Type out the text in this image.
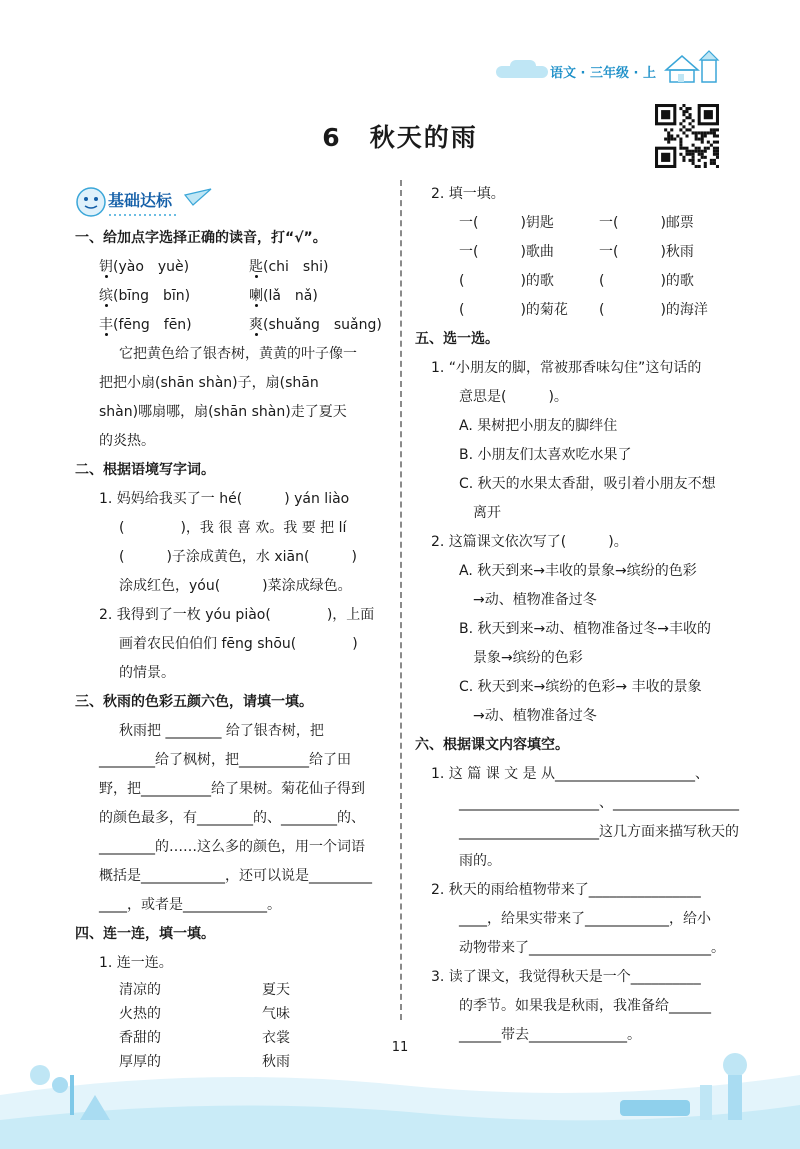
语文 · 三年级 · 上
6 秋天的雨
基础达标
一、给加点字选择正确的读音，打“√”。
钥(yào　yuè)	匙(chi　shi)
缤(bīng　bīn)	喇(lǎ　nǎ)
丰(fēng　fēn)	爽(shuǎng　suǎng)
它把黄色给了银杏树，黄黄的叶子像一
把把小扇(shān shàn)子，扇(shān
shàn)哪扇哪，扇(shān shàn)走了夏天
的炎热。
二、根据语境写字词。
1. 妈妈给我买了一 hé(　　　) yán liào
(　　　　)，我 很 喜 欢。我 要 把 lí
(　　　)子涂成黄色，水 xiān(　　　)
涂成红色，yóu(　　　)菜涂成绿色。
2. 我得到了一枚 yóu piào(　　　　)，上面
画着农民伯伯们 fēng shōu(　　　　)
的情景。
三、秋雨的色彩五颜六色，请填一填。
秋雨把 ________ 给了银杏树，把
________给了枫树，把__________给了田
野，把__________给了果树。菊花仙子得到
的颜色最多，有________的、________的、
________的……这么多的颜色，用一个词语
概括是____________，还可以说是_________
____，或者是____________。
四、连一连，填一填。
1. 连一连。
清凉的	夏天
火热的	气味
香甜的	衣裳
厚厚的	秋雨
2. 填一填。
一(　　　)钥匙	一(　　　)邮票
一(　　　)歌曲	一(　　　)秋雨
(　　　　)的歌	(　　　　)的歌
(　　　　)的菊花	(　　　　)的海洋
五、选一选。
1. “小朋友的脚，常被那香味勾住”这句话的
意思是(　　　)。
A. 果树把小朋友的脚绊住
B. 小朋友们太喜欢吃水果了
C. 秋天的水果太香甜，吸引着小朋友不想
离开
2. 这篇课文依次写了(　　　)。
A. 秋天到来→丰收的景象→缤纷的色彩
→动、植物准备过冬
B. 秋天到来→动、植物准备过冬→丰收的
景象→缤纷的色彩
C. 秋天到来→缤纷的色彩→ 丰收的景象
→动、植物准备过冬
六、根据课文内容填空。
1. 这 篇 课 文 是 从____________________、
____________________、__________________
____________________这几方面来描写秋天的
雨的。
2. 秋天的雨给植物带来了________________
____，给果实带来了____________，给小
动物带来了__________________________。
3. 读了课文，我觉得秋天是一个__________
的季节。如果我是秋雨，我准备给______
______带去______________。
11
